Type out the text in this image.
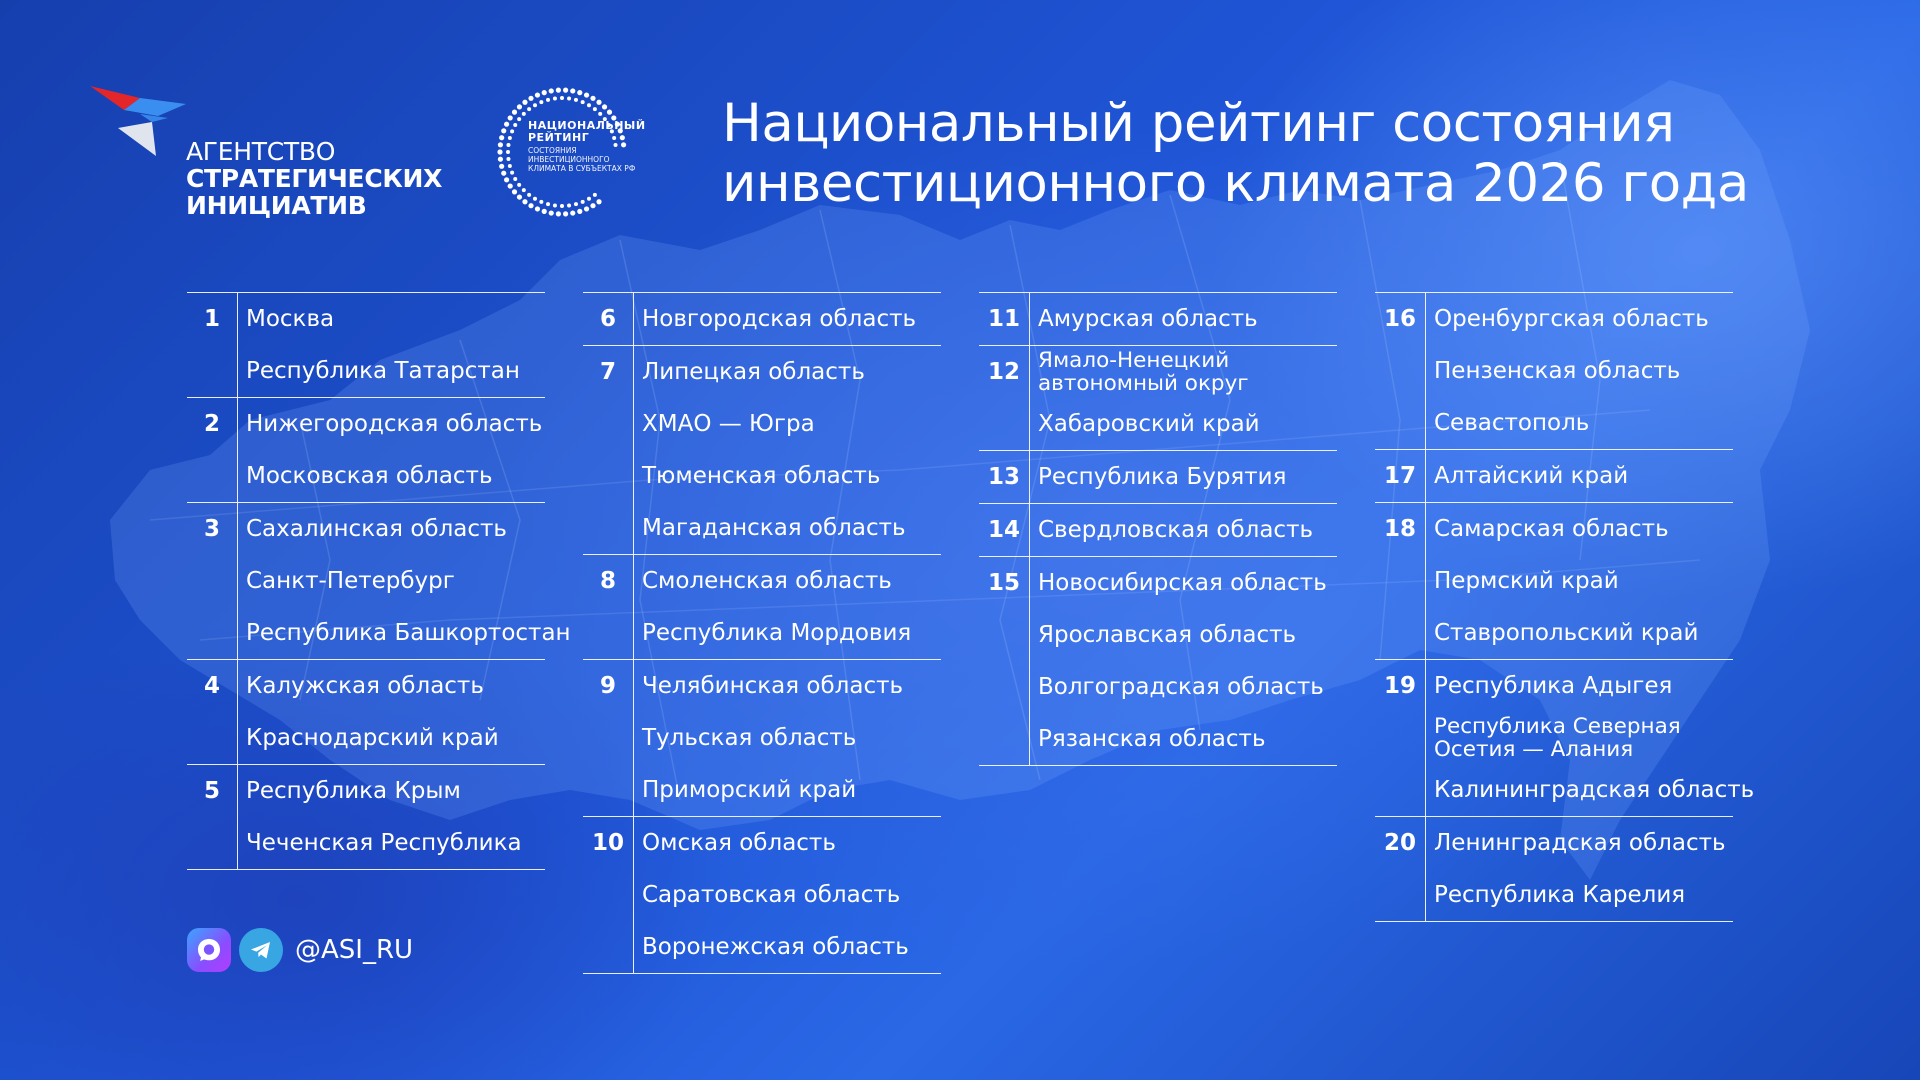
АГЕНТСТВО
СТРАТЕГИЧЕСКИХ
ИНИЦИАТИВ
НАЦИОНАЛЬНЫЙ
РЕЙТИНГ
СОСТОЯНИЯ
ИНВЕСТИЦИОННОГО
КЛИМАТА В СУБЪЕКТАХ РФ
Национальный рейтинг состояния
инвестиционного климата 2026 года
1	Москва
Республика Татарстан
2	Нижегородская область
Московская область
3	Сахалинская область
Санкт-Петербург
Республика Башкортостан
4	Калужская область
Краснодарский край
5	Республика Крым
Чеченская Республика
6	Новгородская область
7	Липецкая область
ХМАО — Югра
Тюменская область
Магаданская область
8	Смоленская область
Республика Мордовия
9	Челябинская область
Тульская область
Приморский край
10 Омская область
Саратовская область
Воронежская область
11 Амурская область
12 Ямало-Ненецкий автономный округ
Хабаровский край
13 Республика Бурятия
14 Свердловская область
15 Новосибирская область
Ярославская область
Волгоградская область
Рязанская область
16 Оренбургская область
Пензенская область
Севастополь
17 Алтайский край
18 Самарская область
Пермский край
Ставропольский край
19 Республика Адыгея
Республика Северная Осетия — Алания
Калининградская область
20 Ленинградская область
Республика Карелия
@ASI_RU
